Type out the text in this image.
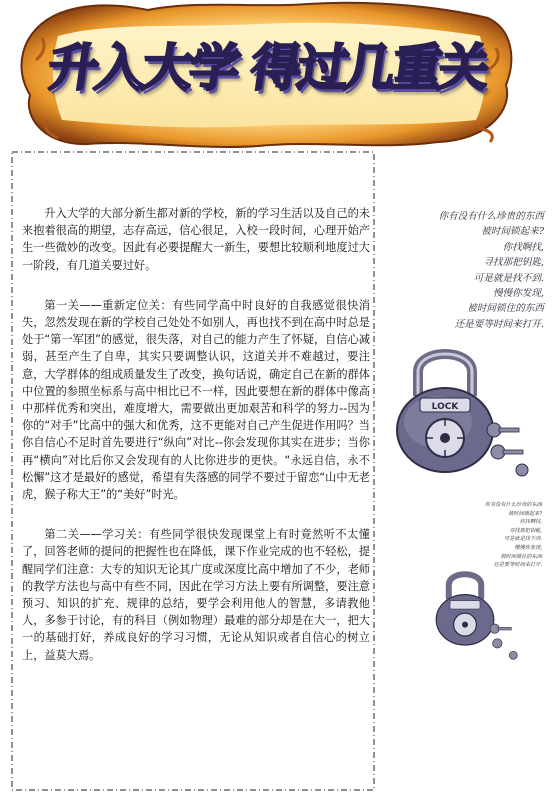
升入大学 得过几重关

升入大学的大部分新生都对新的学校，新的学习生活以及自己的未来抱着很高的期望，志存高远，信心很足，入校一段时间，心理开始产生一些微妙的改变。因此有必要提醒大一新生，要想比较顺利地度过大一阶段，有几道关要过好。

第一关——重新定位关：有些同学高中时良好的自我感觉很快消失，忽然发现在新的学校自己处处不如别人，再也找不到在高中时总是处于“第一军团”的感觉，很失落，对自己的能力产生了怀疑，自信心减弱，甚至产生了自卑，其实只要调整认识，这道关并不难越过，要注意，大学群体的组成质量发生了改变，换句话说，确定自己在新的群体中位置的参照坐标系与高中相比已不一样，因此要想在新的群体中像高中那样优秀和突出，难度增大，需要做出更加艰苦和科学的努力--因为你的“对手”比高中的强大和优秀，这不更能对自己产生促进作用吗？当你自信心不足时首先要进行“纵向”对比--你会发现你其实在进步；当你再“横向”对比后你又会发现有的人比你进步的更快。“永远自信，永不松懈”这才是最好的感觉，希望有失落感的同学不要过于留恋“山中无老虎，猴子称大王”的“美好”时光。

第二关——学习关：有些同学很快发现课堂上有时竟然听不太懂了，回答老师的提问的把握性也在降低，课下作业完成的也不轻松，提醒同学们注意：大专的知识无论其广度或深度比高中增加了不少，老师的教学方法也与高中有些不同，因此在学习方法上要有所调整，要注意预习、知识的扩充、规律的总结，要学会利用他人的智慧，多请教他人，多参于讨论，有的科目（例如物理）最难的部分却是在大一，把大一的基础打好，养成良好的学习习惯，无论从知识或者自信心的树立上，益莫大焉。

你有没有什么珍贵的东西
被时间锁起来?
你找啊找,
寻找那把钥匙,
可是就是找不到.
慢慢你发现,
被时间锁住的东西
还是要等时间来打开.
LOCK
你有没有什么珍贵的东西
被时间锁起来?
你找啊找,
寻找那把钥匙,
可是就是找不到.
慢慢你发现,
被时间锁住的东西
还是要等时间来打开.
